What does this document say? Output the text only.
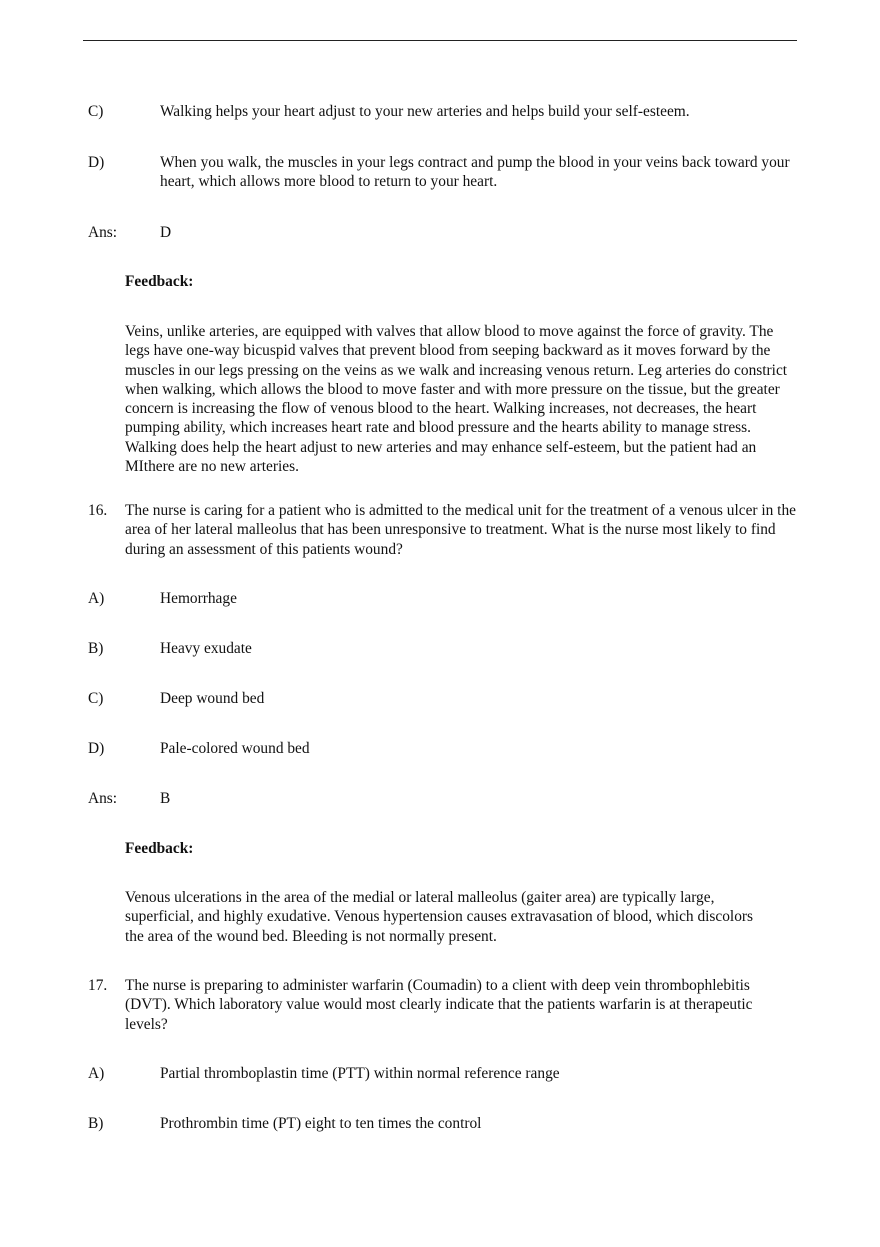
C)	Walking helps your heart adjust to your new arteries and helps build your self-esteem.
D)	When you walk, the muscles in your legs contract and pump the blood in your veins back toward your heart, which allows more blood to return to your heart.
Ans:	D
Feedback:
Veins, unlike arteries, are equipped with valves that allow blood to move against the force of gravity. The legs have one-way bicuspid valves that prevent blood from seeping backward as it moves forward by the muscles in our legs pressing on the veins as we walk and increasing venous return. Leg arteries do constrict when walking, which allows the blood to move faster and with more pressure on the tissue, but the greater concern is increasing the flow of venous blood to the heart. Walking increases, not decreases, the heart pumping ability, which increases heart rate and blood pressure and the hearts ability to manage stress. Walking does help the heart adjust to new arteries and may enhance self-esteem, but the patient had an MIthere are no new arteries.
16. The nurse is caring for a patient who is admitted to the medical unit for the treatment of a venous ulcer in the area of her lateral malleolus that has been unresponsive to treatment. What is the nurse most likely to find during an assessment of this patients wound?
A)	Hemorrhage
B)	Heavy exudate
C)	Deep wound bed
D)	Pale-colored wound bed
Ans:	B
Feedback:
Venous ulcerations in the area of the medial or lateral malleolus (gaiter area) are typically large, superficial, and highly exudative. Venous hypertension causes extravasation of blood, which discolors the area of the wound bed. Bleeding is not normally present.
17. The nurse is preparing to administer warfarin (Coumadin) to a client with deep vein thrombophlebitis (DVT). Which laboratory value would most clearly indicate that the patients warfarin is at therapeutic levels?
A)	Partial thromboplastin time (PTT) within normal reference range
B)	Prothrombin time (PT) eight to ten times the control
